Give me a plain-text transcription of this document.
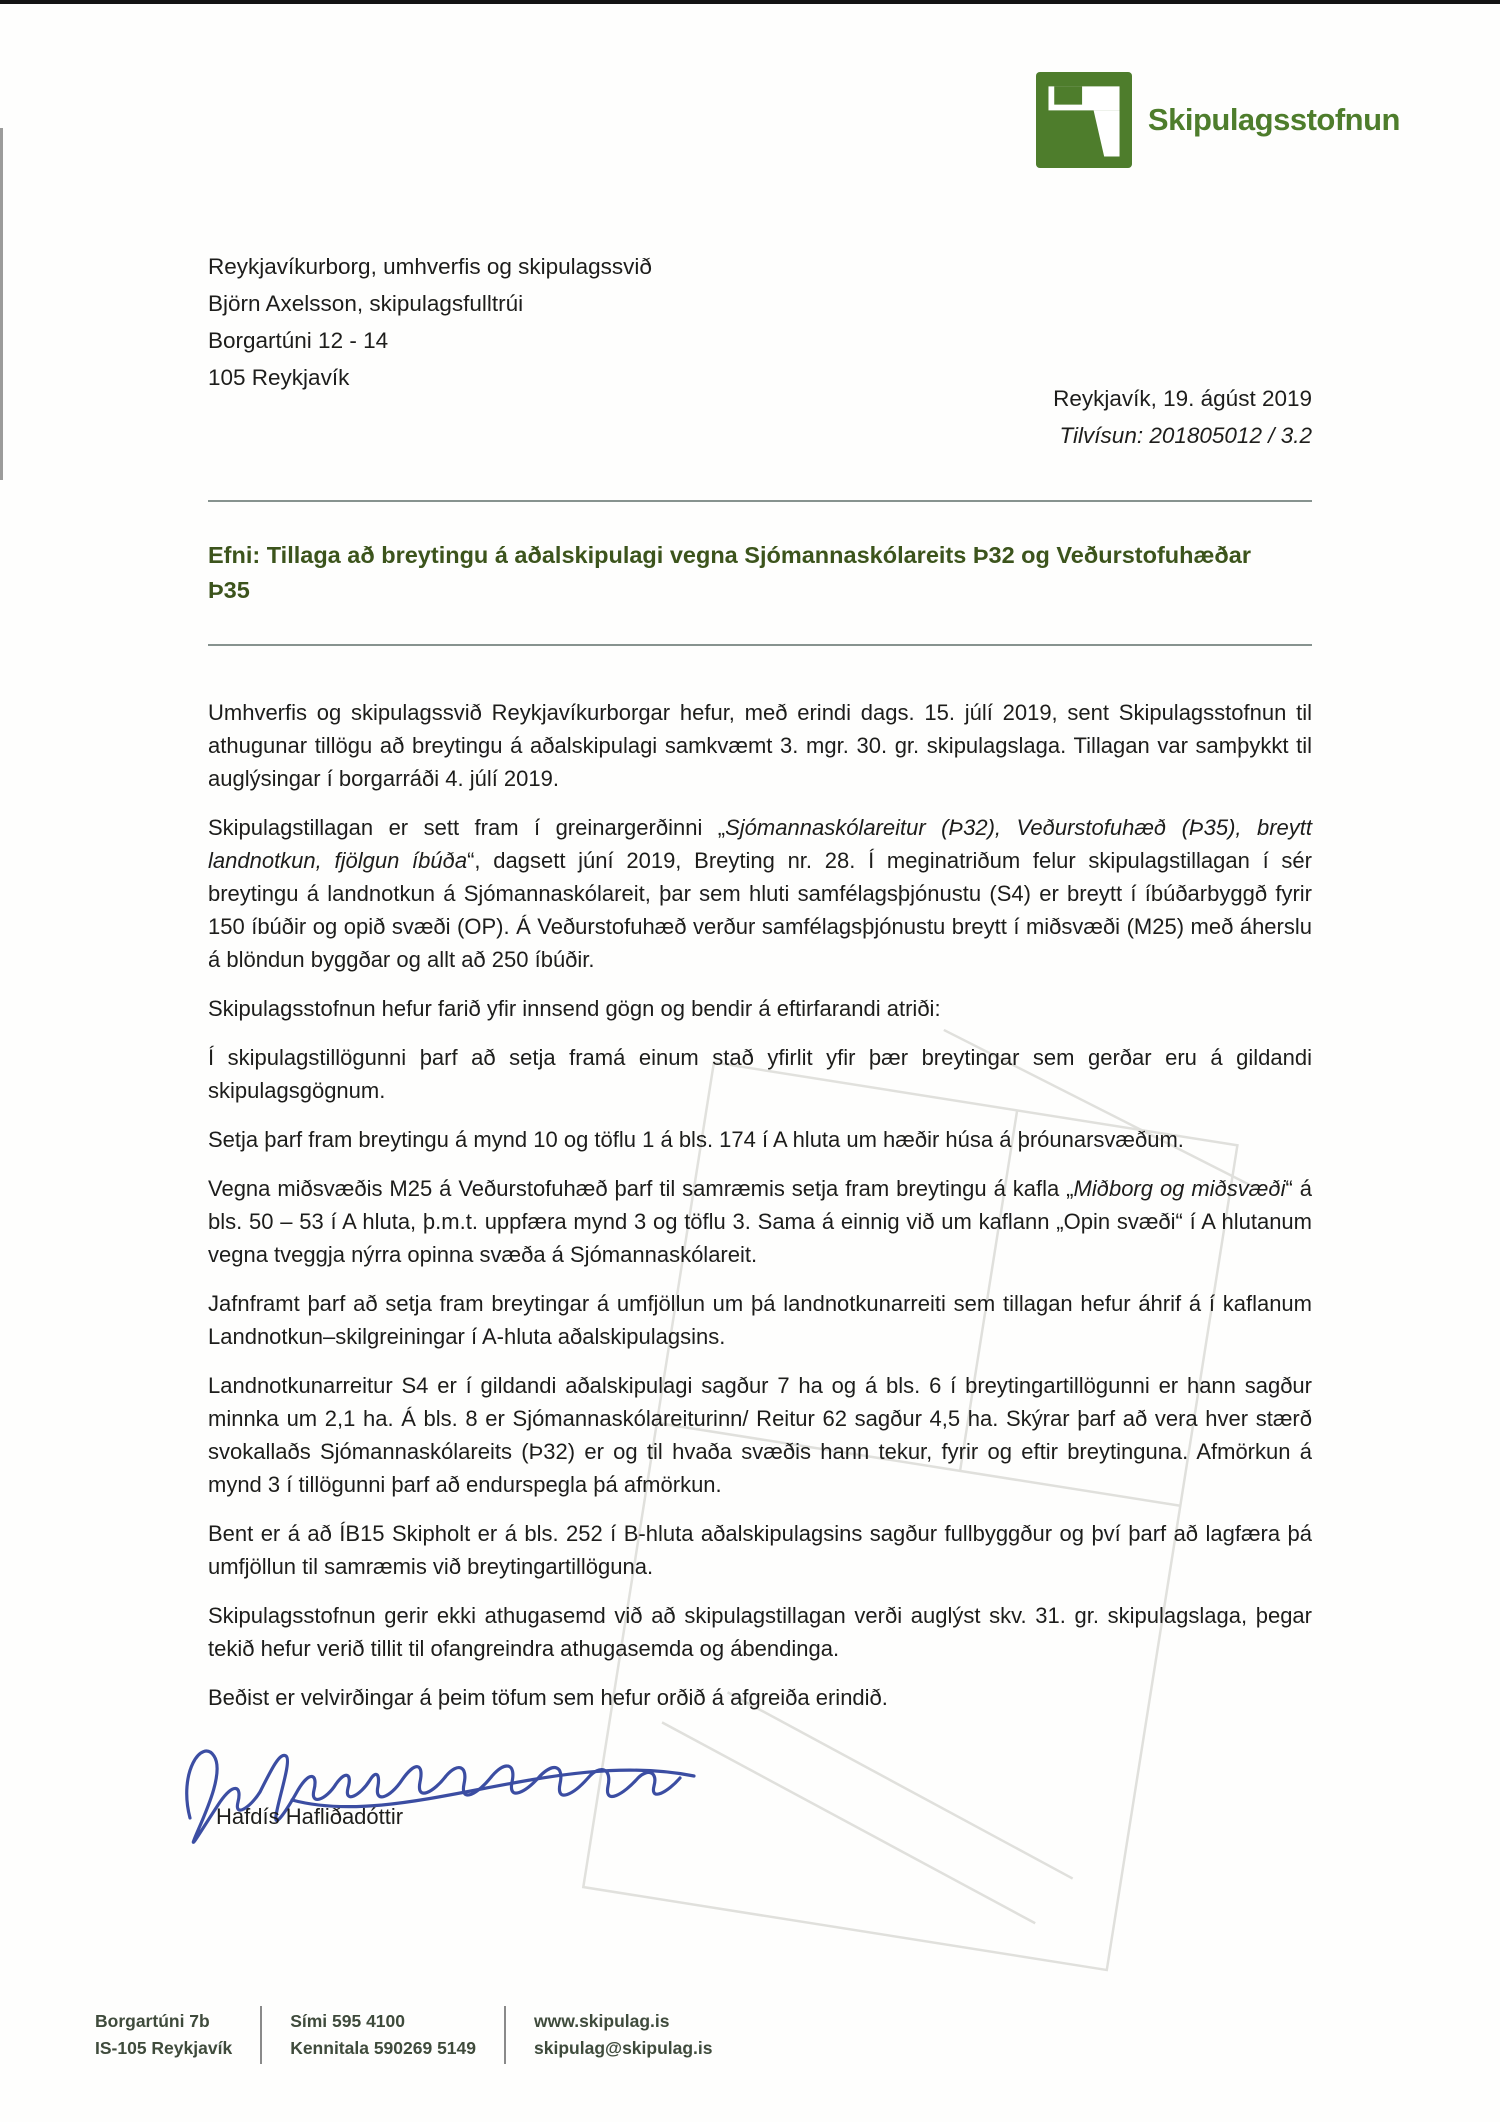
Skipulagsstofnun
Reykjavíkurborg, umhverfis og skipulagssvið
Björn Axelsson, skipulagsfulltrúi
Borgartúni 12 - 14
105 Reykjavík
Reykjavík, 19. ágúst 2019
Tilvísun: 201805012 / 3.2
Efni: Tillaga að breytingu á aðalskipulagi vegna Sjómannaskólareits Þ32 og Veðurstofuhæðar Þ35

Umhverfis og skipulagssvið Reykjavíkurborgar hefur, með erindi dags. 15. júlí 2019, sent Skipulagsstofnun til athugunar tillögu að breytingu á aðalskipulagi samkvæmt 3. mgr. 30. gr. skipulagslaga. Tillagan var samþykkt til auglýsingar í borgarráði 4. júlí 2019.

Skipulagstillagan er sett fram í greinargerðinni „Sjómannaskólareitur (Þ32), Veðurstofuhæð (Þ35), breytt landnotkun, fjölgun íbúða“, dagsett júní 2019, Breyting nr. 28. Í meginatriðum felur skipulagstillagan í sér breytingu á landnotkun á Sjómannaskólareit, þar sem hluti samfélagsþjónustu (S4) er breytt í íbúðarbyggð fyrir 150 íbúðir og opið svæði (OP). Á Veðurstofuhæð verður samfélagsþjónustu breytt í miðsvæði (M25) með áherslu á blöndun byggðar og allt að 250 íbúðir.

Skipulagsstofnun hefur farið yfir innsend gögn og bendir á eftirfarandi atriði:

Í skipulagstillögunni þarf að setja framá einum stað yfirlit yfir þær breytingar sem gerðar eru á gildandi skipulagsgögnum.

Setja þarf fram breytingu á mynd 10 og töflu 1 á bls. 174 í A hluta um hæðir húsa á þróunarsvæðum.

Vegna miðsvæðis M25 á Veðurstofuhæð þarf til samræmis setja fram breytingu á kafla „Miðborg og miðsvæði“ á bls. 50 – 53 í A hluta, þ.m.t. uppfæra mynd 3 og töflu 3. Sama á einnig við um kaflann „Opin svæði“ í A hlutanum vegna tveggja nýrra opinna svæða á Sjómannaskólareit.

Jafnframt þarf að setja fram breytingar á umfjöllun um þá landnotkunarreiti sem tillagan hefur áhrif á í kaflanum Landnotkun–skilgreiningar í A-hluta aðalskipulagsins.

Landnotkunarreitur S4 er í gildandi aðalskipulagi sagður 7 ha og á bls. 6 í breytingartillögunni er hann sagður minnka um 2,1 ha. Á bls. 8 er Sjómannaskólareiturinn/ Reitur 62 sagður 4,5 ha. Skýrar þarf að vera hver stærð svokallaðs Sjómannaskólareits (Þ32) er og til hvaða svæðis hann tekur, fyrir og eftir breytinguna. Afmörkun á mynd 3 í tillögunni þarf að endurspegla þá afmörkun.

Bent er á að ÍB15 Skipholt er á bls. 252 í B-hluta aðalskipulagsins sagður fullbyggður og því þarf að lagfæra þá umfjöllun til samræmis við breytingartillöguna.

Skipulagsstofnun gerir ekki athugasemd við að skipulagstillagan verði auglýst skv. 31. gr. skipulagslaga, þegar tekið hefur verið tillit til ofangreindra athugasemda og ábendinga.

Beðist er velvirðingar á þeim töfum sem hefur orðið á afgreiða erindið.

Hafdís Hafliðadóttir
Borgartúni 7b
IS-105 Reykjavík
Sími 595 4100
Kennitala 590269 5149
www.skipulag.is
skipulag@skipulag.is
